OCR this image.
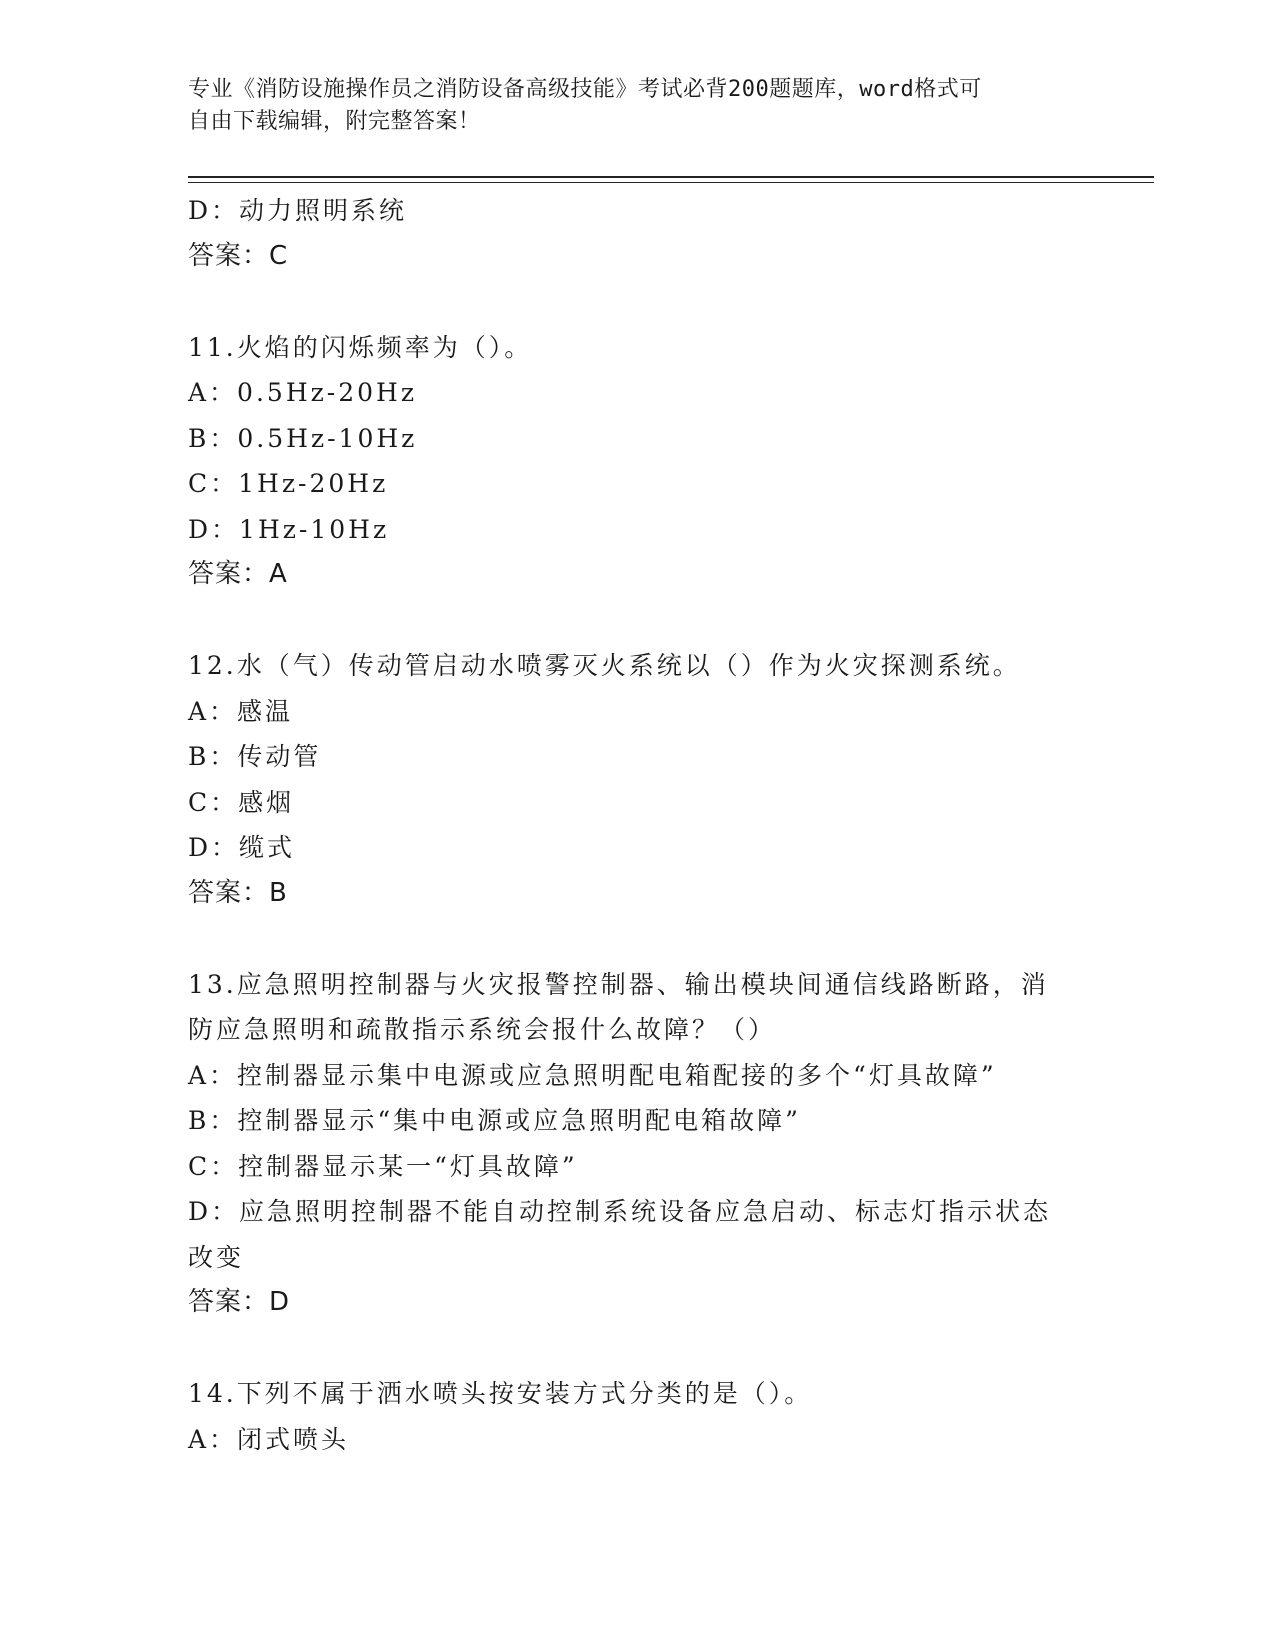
专业《消防设施操作员之消防设备高级技能》考试必背200题题库，word格式可
自由下载编辑，附完整答案！
D：动力照明系统
答案：C
11.火焰的闪烁频率为（）。
A：0.5Hz-20Hz
B：0.5Hz-10Hz
C：1Hz-20Hz
D：1Hz-10Hz
答案：A
12.水（气）传动管启动水喷雾灭火系统以（）作为火灾探测系统。
A：感温
B：传动管
C：感烟
D：缆式
答案：B
13.应急照明控制器与火灾报警控制器、输出模块间通信线路断路，消
防应急照明和疏散指示系统会报什么故障？（）
A：控制器显示集中电源或应急照明配电箱配接的多个“灯具故障”
B：控制器显示“集中电源或应急照明配电箱故障”
C：控制器显示某一“灯具故障”
D：应急照明控制器不能自动控制系统设备应急启动、标志灯指示状态
改变
答案：D
14.下列不属于洒水喷头按安装方式分类的是（）。
A：闭式喷头
